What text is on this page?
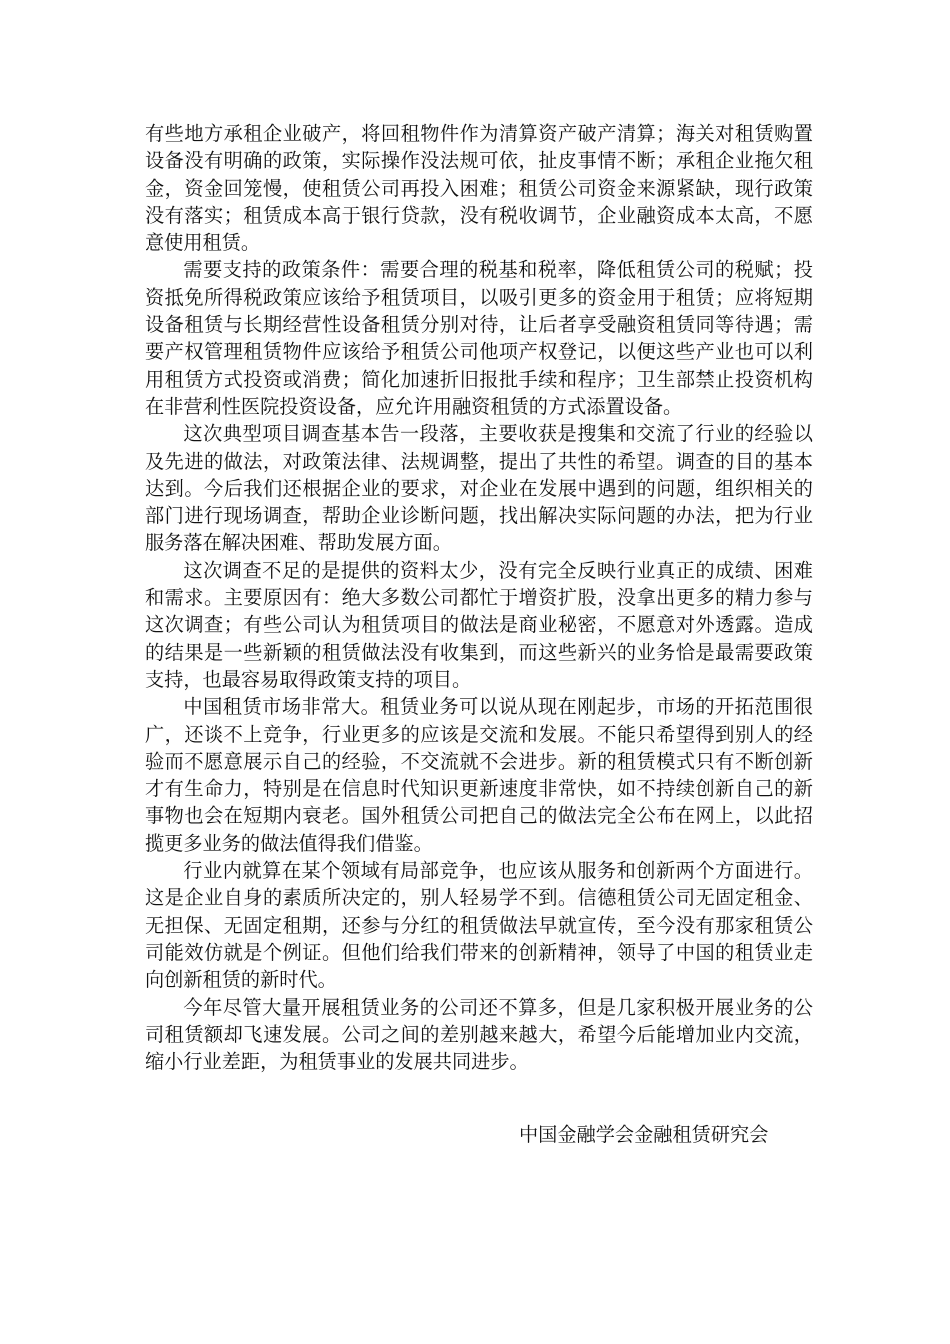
有些地方承租企业破产，将回租物件作为清算资产破产清算；海关对租赁购置设备没有明确的政策，实际操作没法规可依，扯皮事情不断；承租企业拖欠租金，资金回笼慢，使租赁公司再投入困难；租赁公司资金来源紧缺，现行政策没有落实；租赁成本高于银行贷款，没有税收调节，企业融资成本太高，不愿意使用租赁。

需要支持的政策条件：需要合理的税基和税率，降低租赁公司的税赋；投资抵免所得税政策应该给予租赁项目，以吸引更多的资金用于租赁；应将短期设备租赁与长期经营性设备租赁分别对待，让后者享受融资租赁同等待遇；需要产权管理租赁物件应该给予租赁公司他项产权登记，以便这些产业也可以利用租赁方式投资或消费；简化加速折旧报批手续和程序；卫生部禁止投资机构在非营利性医院投资设备，应允许用融资租赁的方式添置设备。

这次典型项目调查基本告一段落，主要收获是搜集和交流了行业的经验以及先进的做法，对政策法律、法规调整，提出了共性的希望。调查的目的基本达到。今后我们还根据企业的要求，对企业在发展中遇到的问题，组织相关的部门进行现场调查，帮助企业诊断问题，找出解决实际问题的办法，把为行业服务落在解决困难、帮助发展方面。

这次调查不足的是提供的资料太少，没有完全反映行业真正的成绩、困难和需求。主要原因有：绝大多数公司都忙于增资扩股，没拿出更多的精力参与这次调查；有些公司认为租赁项目的做法是商业秘密，不愿意对外透露。造成的结果是一些新颖的租赁做法没有收集到，而这些新兴的业务恰是最需要政策支持，也最容易取得政策支持的项目。

中国租赁市场非常大。租赁业务可以说从现在刚起步，市场的开拓范围很广，还谈不上竞争，行业更多的应该是交流和发展。不能只希望得到别人的经验而不愿意展示自己的经验，不交流就不会进步。新的租赁模式只有不断创新才有生命力，特别是在信息时代知识更新速度非常快，如不持续创新自己的新事物也会在短期内衰老。国外租赁公司把自己的做法完全公布在网上，以此招揽更多业务的做法值得我们借鉴。

行业内就算在某个领域有局部竞争，也应该从服务和创新两个方面进行。这是企业自身的素质所决定的，别人轻易学不到。信德租赁公司无固定租金、无担保、无固定租期，还参与分红的租赁做法早就宣传，至今没有那家租赁公司能效仿就是个例证。但他们给我们带来的创新精神，领导了中国的租赁业走向创新租赁的新时代。

今年尽管大量开展租赁业务的公司还不算多，但是几家积极开展业务的公司租赁额却飞速发展。公司之间的差别越来越大，希望今后能增加业内交流，缩小行业差距，为租赁事业的发展共同进步。

中国金融学会金融租赁研究会
